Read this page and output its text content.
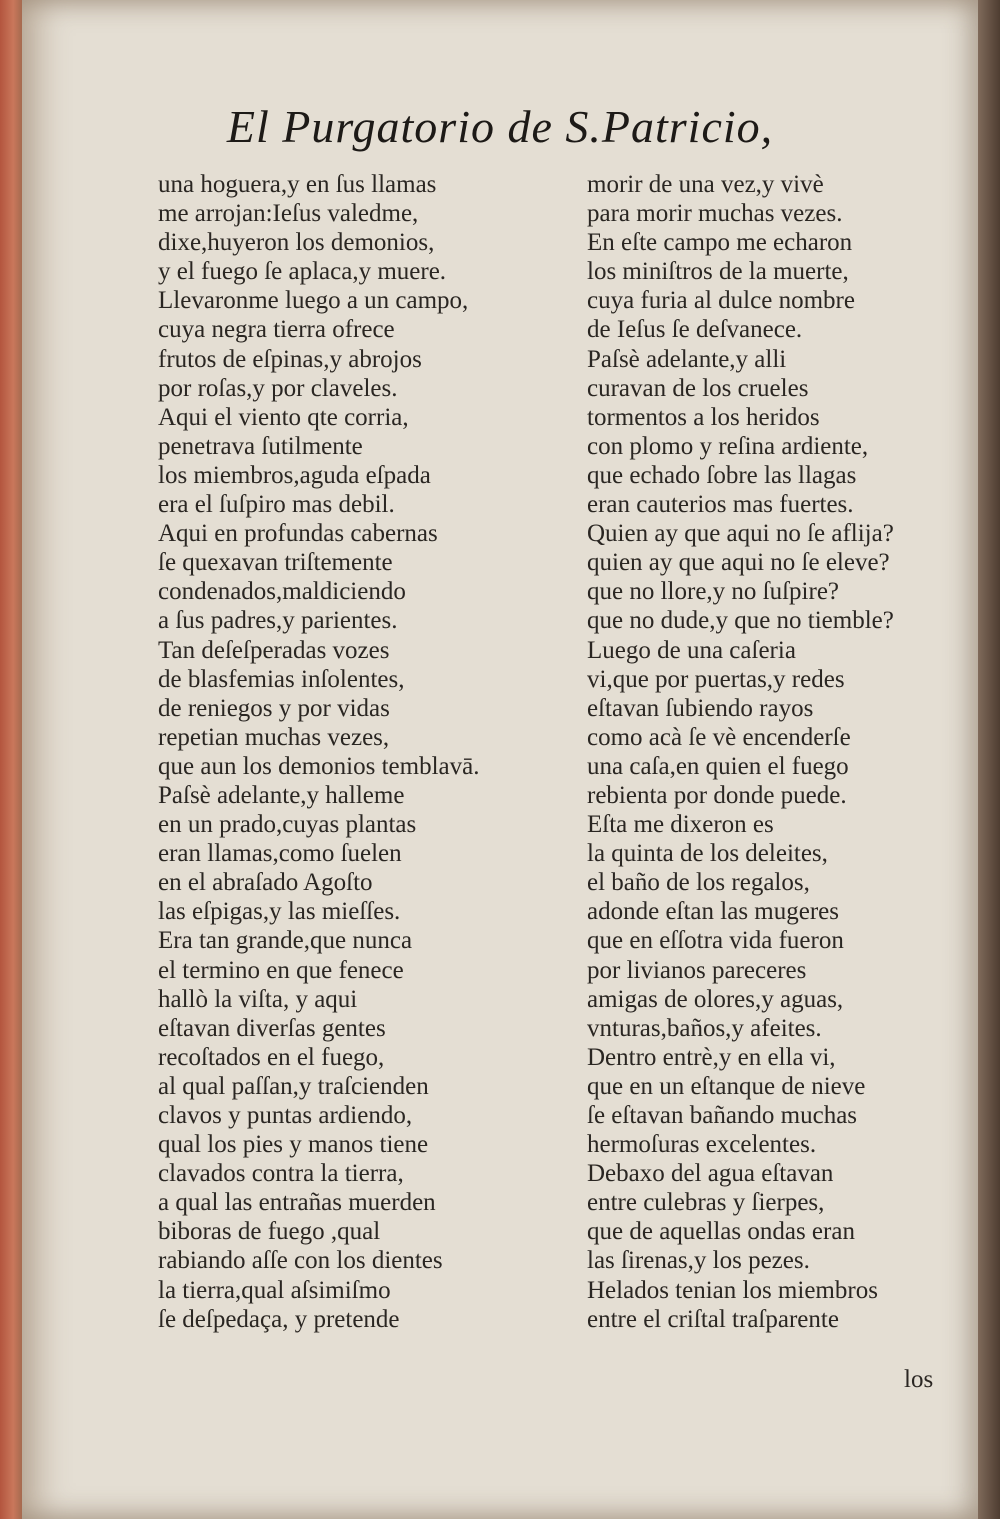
El Purgatorio de S.Patricio,
una hoguera,y en ſus llamas
me arrojan:Ieſus valedme,
dixe,huyeron los demonios,
y el fuego ſe aplaca,y muere.
Llevaronme luego a un campo,
cuya negra tierra ofrece
frutos de eſpinas,y abrojos
por roſas,y por claveles.
Aqui el viento qte corria,
penetrava ſutilmente
los miembros,aguda eſpada
era el ſuſpiro mas debil.
Aqui en profundas cabernas
ſe quexavan triſtemente
condenados,maldiciendo
a ſus padres,y parientes.
Tan deſeſperadas vozes
de blasfemias inſolentes,
de reniegos y por vidas
repetian muchas vezes,
que aun los demonios temblavā.
Paſsè adelante,y halleme
en un prado,cuyas plantas
eran llamas,como ſuelen
en el abraſado Agoſto
las eſpigas,y las mieſſes.
Era tan grande,que nunca
el termino en que fenece
hallò la viſta, y aqui
eſtavan diverſas gentes
recoſtados en el fuego,
al qual paſſan,y traſcienden
clavos y puntas ardiendo,
qual los pies y manos tiene
clavados contra la tierra,
a qual las entrañas muerden
biboras de fuego ,qual
rabiando aſſe con los dientes
la tierra,qual aſsimiſmo
ſe deſpedaça, y pretende
morir de una vez,y vivè
para morir muchas vezes.
En eſte campo me echaron
los miniſtros de la muerte,
cuya furia al dulce nombre
de Ieſus ſe deſvanece.
Paſsè adelante,y alli
curavan de los crueles
tormentos a los heridos
con plomo y reſina ardiente,
que echado ſobre las llagas
eran cauterios mas fuertes.
Quien ay que aqui no ſe aflija?
quien ay que aqui no ſe eleve?
que no llore,y no ſuſpire?
que no dude,y que no tiemble?
Luego de una caſeria
vi,que por puertas,y redes
eſtavan ſubiendo rayos
como acà ſe vè encenderſe
una caſa,en quien el fuego
rebienta por donde puede.
Eſta me dixeron es
la quinta de los deleites,
el baño de los regalos,
adonde eſtan las mugeres
que en eſſotra vida fueron
por livianos pareceres
amigas de olores,y aguas,
vnturas,baños,y afeites.
Dentro entrè,y en ella vi,
que en un eſtanque de nieve
ſe eſtavan bañando muchas
hermoſuras excelentes.
Debaxo del agua eſtavan
entre culebras y ſierpes,
que de aquellas ondas eran
las ſirenas,y los pezes.
Helados tenian los miembros
entre el criſtal traſparente
los
